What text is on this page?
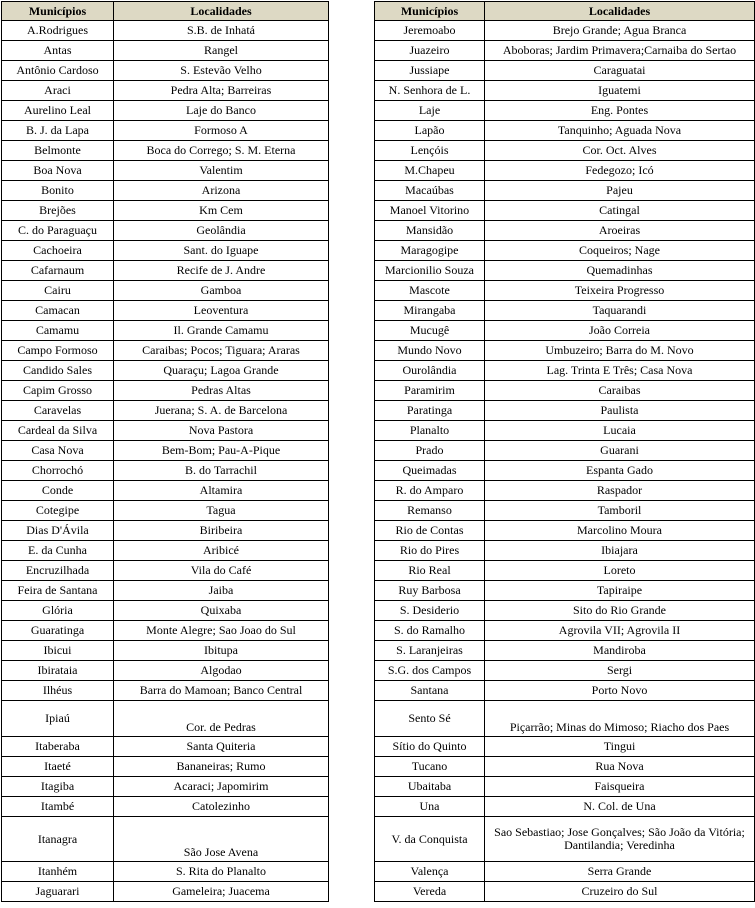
Municípios	Localidades
A.Rodrigues	S.B. de Inhatá
Antas	Rangel
Antônio Cardoso	S. Estevão Velho
Araci	Pedra Alta; Barreiras
Aurelino Leal	Laje do Banco
B. J. da Lapa	Formoso A
Belmonte	Boca do Corrego; S. M. Eterna
Boa Nova	Valentim
Bonito	Arizona
Brejões	Km Cem
C. do Paraguaçu	Geolândia
Cachoeira	Sant. do Iguape
Cafarnaum	Recife de J. Andre
Cairu	Gamboa
Camacan	Leoventura
Camamu	Il. Grande Camamu
Campo Formoso	Caraibas; Pocos; Tiguara; Araras
Candido Sales	Quaraçu; Lagoa Grande
Capim Grosso	Pedras Altas
Caravelas	Juerana; S. A. de Barcelona
Cardeal da Silva	Nova Pastora
Casa Nova	Bem-Bom; Pau-A-Pique
Chorrochó	B. do Tarrachil
Conde	Altamira
Cotegipe	Tagua
Dias D'Ávila	Biribeira
E. da Cunha	Aribicé
Encruzilhada	Vila do Café
Feira de Santana	Jaiba
Glória	Quixaba
Guaratinga	Monte Alegre; Sao Joao do Sul
Ibicui	Ibitupa
Ibirataia	Algodao
Ilhéus	Barra do Mamoan; Banco Central
Ipiaú	Cor. de Pedras
Itaberaba	Santa Quiteria
Itaeté	Bananeiras; Rumo
Itagiba	Acaraci; Japomirim
Itambé	Catolezinho
Itanagra	São Jose Avena
Itanhém	S. Rita do Planalto
Jaguarari	Gameleira; Juacema
Municípios	Localidades
Jeremoabo	Brejo Grande; Agua Branca
Juazeiro	Aboboras; Jardim Primavera;Carnaiba do Sertao
Jussiape	Caraguatai
N. Senhora de L.	Iguatemi
Laje	Eng. Pontes
Lapão	Tanquinho; Aguada Nova
Lençóis	Cor. Oct. Alves
M.Chapeu	Fedegozo; Icó
Macaúbas	Pajeu
Manoel Vitorino	Catingal
Mansidão	Aroeiras
Maragogipe	Coqueiros; Nage
Marcionilio Souza	Quemadinhas
Mascote	Teixeira Progresso
Mirangaba	Taquarandi
Mucugê	João Correia
Mundo Novo	Umbuzeiro; Barra do M. Novo
Ourolândia	Lag. Trinta E Três; Casa Nova
Paramirim	Caraibas
Paratinga	Paulista
Planalto	Lucaia
Prado	Guarani
Queimadas	Espanta Gado
R. do Amparo	Raspador
Remanso	Tamboril
Rio de Contas	Marcolino Moura
Rio do Pires	Ibiajara
Rio Real	Loreto
Ruy Barbosa	Tapiraipe
S. Desiderio	Sito do Rio Grande
S. do Ramalho	Agrovila VII; Agrovila II
S. Laranjeiras	Mandiroba
S.G. dos Campos	Sergi
Santana	Porto Novo
Sento Sé	Piçarrão; Minas do Mimoso; Riacho dos Paes
Sítio do Quinto	Tingui
Tucano	Rua Nova
Ubaitaba	Faisqueira
Una	N. Col. de Una
V. da Conquista	Sao Sebastiao; Jose Gonçalves; São João da Vitória; Dantilandia; Veredinha
Valença	Serra Grande
Vereda	Cruzeiro do Sul
